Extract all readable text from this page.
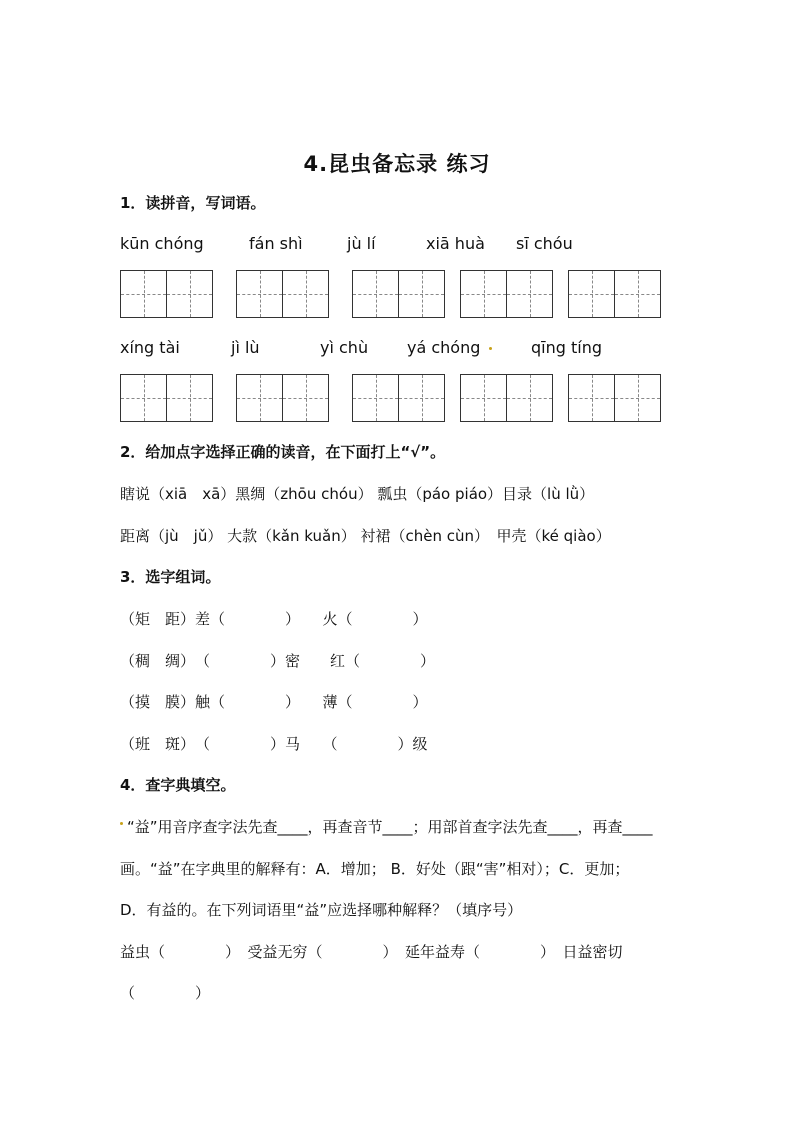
4.昆虫备忘录 练习
1．读拼音，写词语。
kūn chóng	fán shì	jù lí	xiā huà sī chóu
xíng tài	jì lù	yì chù yá chóng	qīng tíng
2．给加点字选择正确的读音，在下面打上“√”。
瞎说（xiā　xā）黑绸（zhōu chóu） 瓢虫（páo piáo）目录（lù lǜ）
距离（jù　jǔ） 大款（kǎn kuǎn） 衬裙（chèn cùn）　甲壳（ké qiào）
3．选字组词。
（矩　距）差（　　　　）　　火（　　　　）
（稠　绸）　（　　　　）密　　红（　　　　）
（摸　膜）触（　　　　）　　薄（　　　　）
（班　斑）　（　　　　）马　　（　　　　）级
4．查字典填空。
“益”用音序查字法先查____，再查音节____；用部首查字法先查____，再查____
画。“益”在字典里的解释有：A．增加； B．好处（跟“害”相对）；C．更加；
D．有益的。在下列词语里“益”应选择哪种解释？（填序号）
益虫（　　　　）　受益无穷（　　　　）　延年益寿（　　　　）　日益密切
（　　　　）
